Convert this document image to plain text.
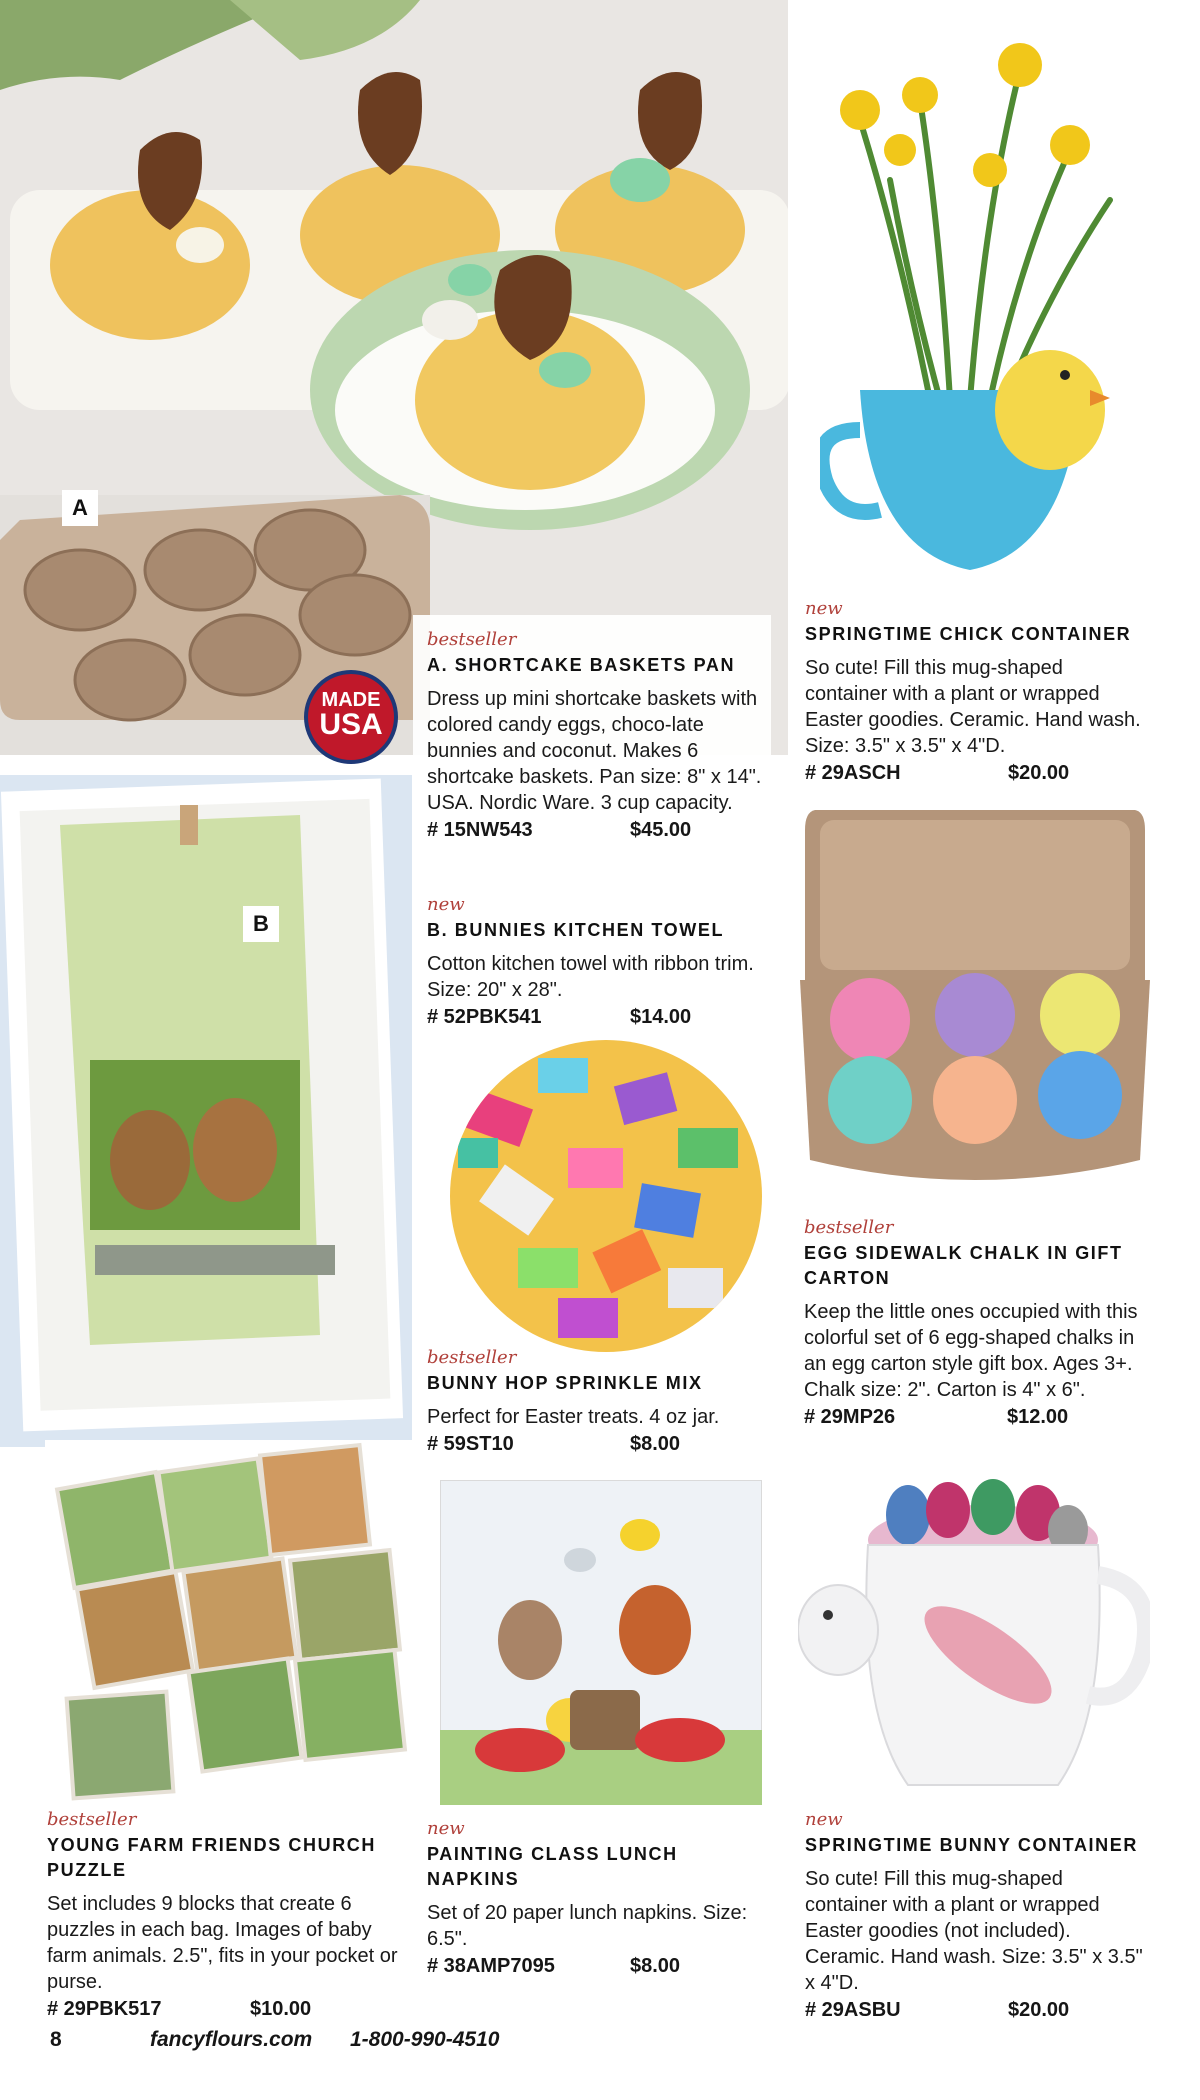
A
MADE
USA
B
bestseller
A. SHORTCAKE BASKETS PAN

Dress up mini shortcake baskets with colored candy eggs, choco-late bunnies and coconut. Makes 6 shortcake baskets. Pan size: 8" x 14". USA. Nordic Ware. 3 cup capacity.

# 15NW543	$45.00
new
SPRINGTIME CHICK CONTAINER

So cute! Fill this mug-shaped container with a plant or wrapped Easter goodies. Ceramic. Hand wash. Size: 3.5" x 3.5" x 4"D.

# 29ASCH	$20.00
new
B. BUNNIES KITCHEN TOWEL

Cotton kitchen towel with ribbon trim. Size: 20" x 28".

# 52PBK541	$14.00
bestseller
EGG SIDEWALK CHALK IN GIFT CARTON

Keep the little ones occupied with this colorful set of 6 egg-shaped chalks in an egg carton style gift box. Ages 3+. Chalk size: 2". Carton is 4" x 6".

# 29MP26	$12.00
bestseller
BUNNY HOP SPRINKLE MIX

Perfect for Easter treats. 4 oz jar.

# 59ST10	$8.00
bestseller
YOUNG FARM FRIENDS CHURCH PUZZLE

Set includes 9 blocks that create 6 puzzles in each bag. Images of baby farm animals. 2.5", fits in your pocket or purse.

# 29PBK517	$10.00
new
PAINTING CLASS LUNCH NAPKINS

Set of 20 paper lunch napkins. Size: 6.5".

# 38AMP7095	$8.00
new
SPRINGTIME BUNNY CONTAINER

So cute! Fill this mug-shaped container with a plant or wrapped Easter goodies (not included). Ceramic. Hand wash. Size: 3.5" x 3.5" x 4"D.

# 29ASBU	$20.00
8	fancyflours.com	1-800-990-4510
